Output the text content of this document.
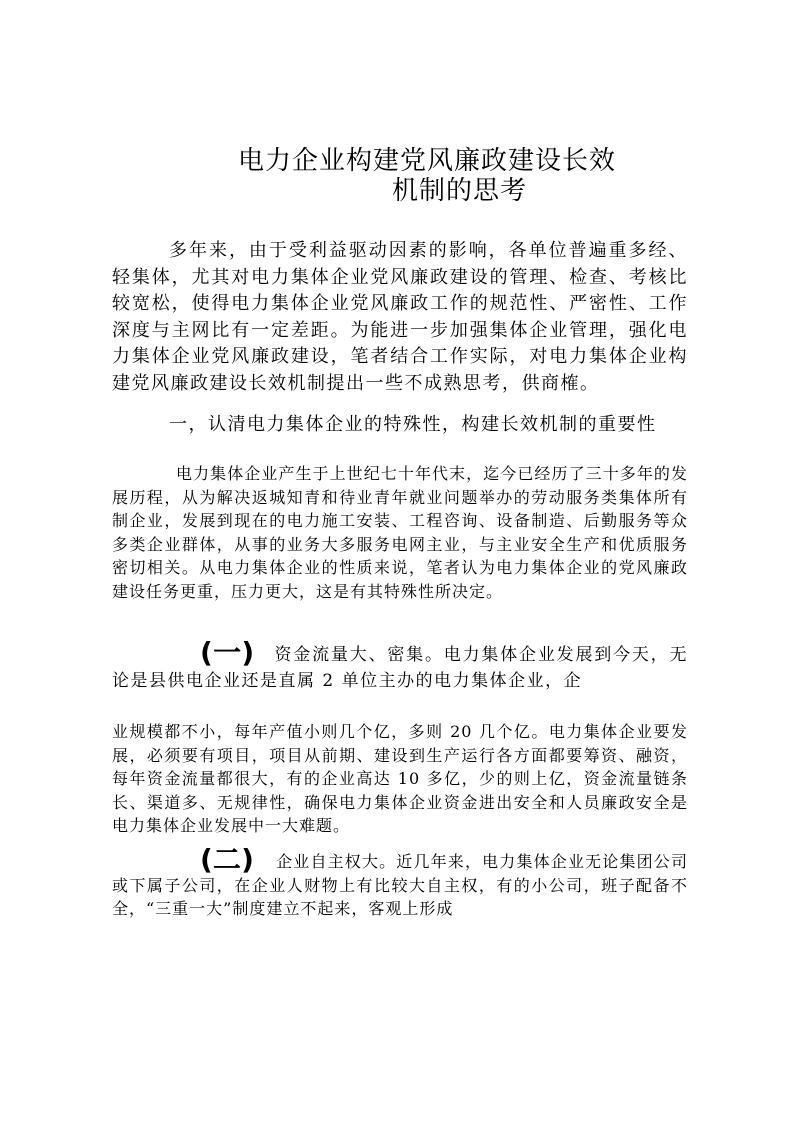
电力企业构建党风廉政建设长效
机制的思考
多年来，由于受利益驱动因素的影响，各单位普遍重多经、轻集体，尤其对电力集体企业党风廉政建设的管理、检查、考核比较宽松，使得电力集体企业党风廉政工作的规范性、严密性、工作深度与主网比有一定差距。为能进一步加强集体企业管理，强化电力集体企业党风廉政建设，笔者结合工作实际，对电力集体企业构建党风廉政建设长效机制提出一些不成熟思考，供商榷。
一，认清电力集体企业的特殊性，构建长效机制的重要性
电力集体企业产生于上世纪七十年代末，迄今已经历了三十多年的发展历程，从为解决返城知青和待业青年就业问题举办的劳动服务类集体所有制企业，发展到现在的电力施工安装、工程咨询、设备制造、后勤服务等众多类企业群体，从事的业务大多服务电网主业，与主业安全生产和优质服务密切相关。从电力集体企业的性质来说，笔者认为电力集体企业的党风廉政建设任务更重，压力更大，这是有其特殊性所决定。
(一) 资金流量大、密集。电力集体企业发展到今天，无论是县供电企业还是直属 2 单位主办的电力集体企业，企
业规模都不小，每年产值小则几个亿，多则 20 几个亿。电力集体企业要发展，必须要有项目，项目从前期、建设到生产运行各方面都要筹资、融资，每年资金流量都很大，有的企业高达 10 多亿，少的则上亿，资金流量链条长、渠道多、无规律性，确保电力集体企业资金进出安全和人员廉政安全是电力集体企业发展中一大难题。
(二) 企业自主权大。近几年来，电力集体企业无论集团公司或下属子公司，在企业人财物上有比较大自主权，有的小公司，班子配备不全，“三重一大”制度建立不起来，客观上形成
